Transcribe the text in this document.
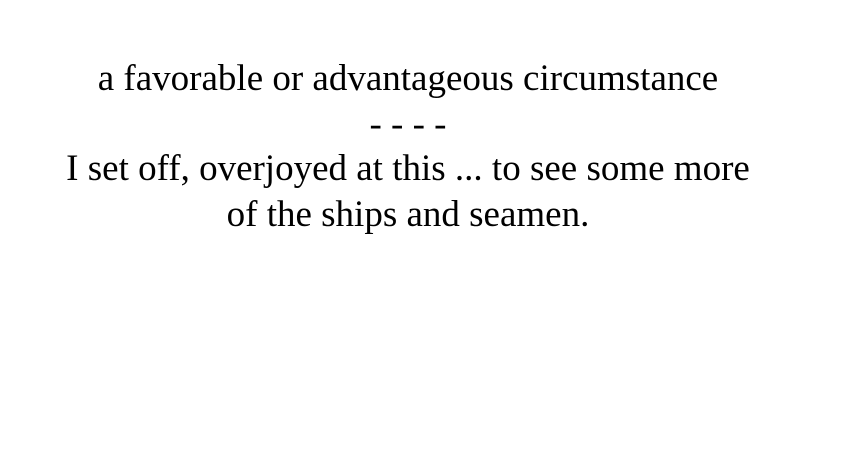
a favorable or advantageous circumstance
- - - -
I set off, overjoyed at this ... to see some more
of the ships and seamen.
